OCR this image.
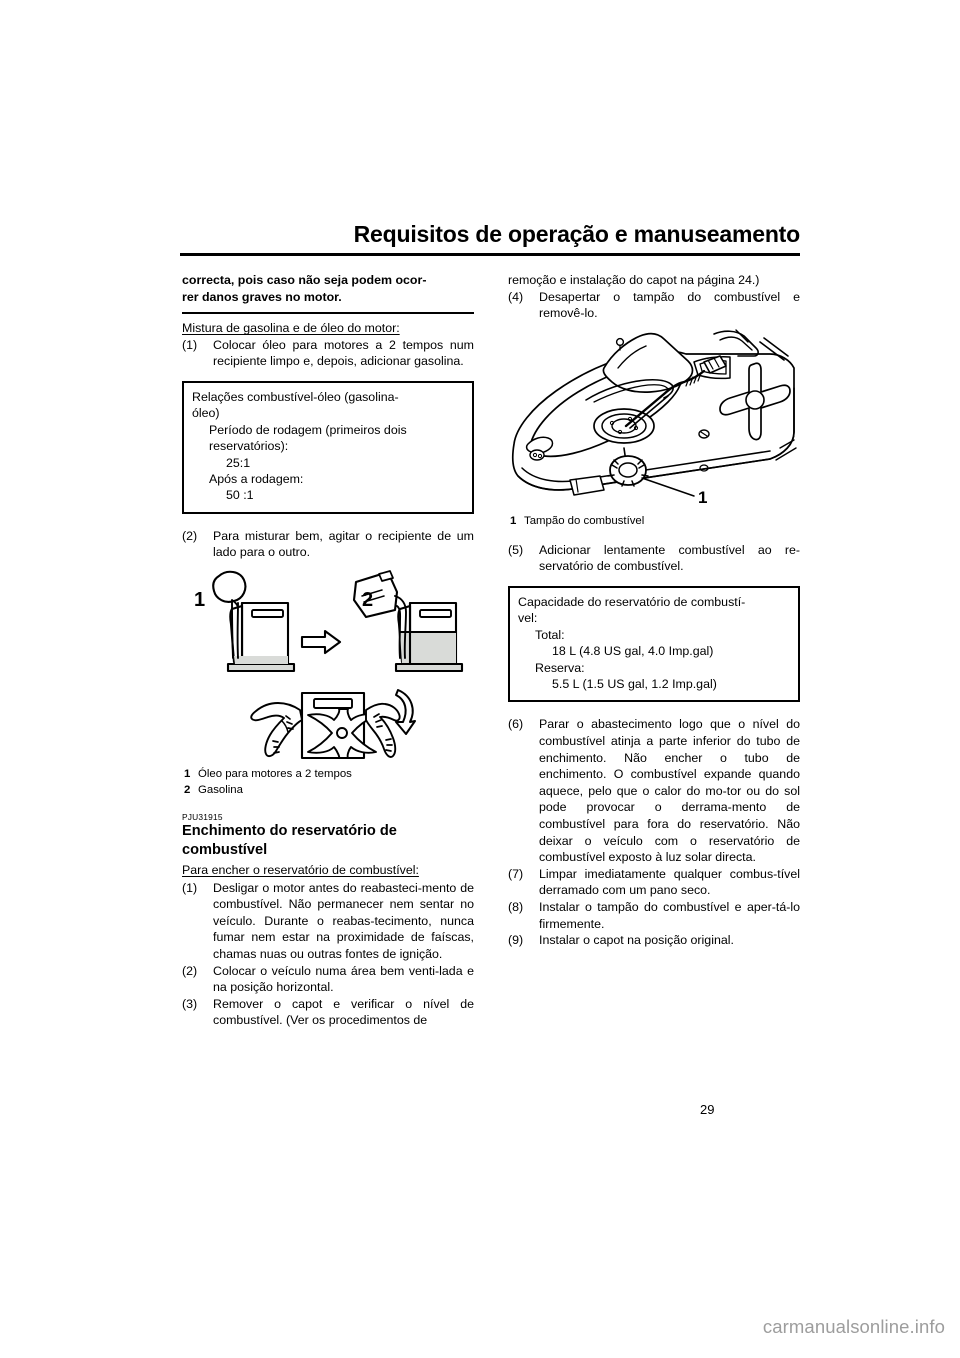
Requisitos de operação e manuseamento

correcta, pois caso não seja podem ocor-

rer danos graves no motor.

Mistura de gasolina e de óleo do motor:

(1)	Colocar óleo para motores a 2 tempos num recipiente limpo e, depois, adicionar gasolina.
Relações combustível-óleo (gasolina-
óleo)
Período de rodagem (primeiros dois
reservatórios):
25:1
Após a rodagem:
50 :1
(2)	Para misturar bem, agitar o recipiente de um lado para o outro.
1	2
1 Óleo para motores a 2 tempos
2 Gasolina

PJU31915

Enchimento do reservatório de

combustível

Para encher o reservatório de combustível:

(1)	Desligar o motor antes do reabasteci-mento de combustível. Não permanecer nem sentar no veículo. Durante o reabas-tecimento, nunca fumar nem estar na proximidade de faíscas, chamas nuas ou outras fontes de ignição.
(2)	Colocar o veículo numa área bem venti-lada e na posição horizontal.
(3)	Remover o capot e verificar o nível de combustível. (Ver os procedimentos de

remoção e instalação do capot na página 24.)

(4)	Desapertar o tampão do combustível e removê-lo.
1
1 Tampão do combustível
(5)	Adicionar lentamente combustível ao re-servatório de combustível.
Capacidade do reservatório de combustí-
vel:
Total:
18 L (4.8 US gal, 4.0 Imp.gal)
Reserva:
5.5 L (1.5 US gal, 1.2 Imp.gal)
(6)	Parar o abastecimento logo que o nível do combustível atinja a parte inferior do tubo de enchimento. Não encher o tubo de enchimento. O combustível expande quando aquece, pelo que o calor do mo-tor ou do sol pode provocar o derrama-mento de combustível para fora do reservatório. Não deixar o veículo com o reservatório de combustível exposto à luz solar directa.
(7)	Limpar imediatamente qualquer combus-tível derramado com um pano seco.
(8)	Instalar o tampão do combustível e aper-tá-lo firmemente.
(9)	Instalar o capot na posição original.
29
carmanualsonline.info
